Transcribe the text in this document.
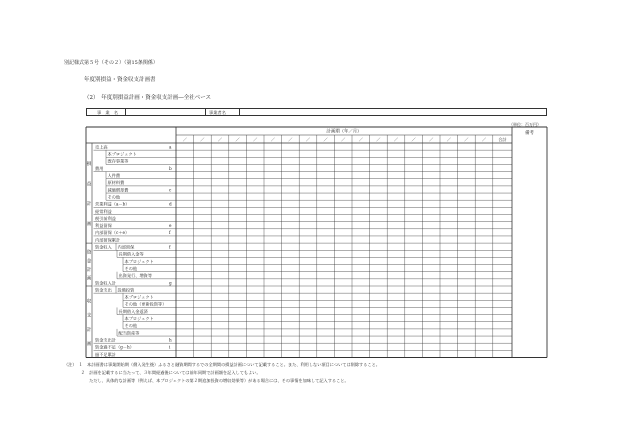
別記様式第５号（その２）（第15条関係）
年度別損益・資金収支計画書
（2）　年度別損益計画・資金収支計画―全社ベース
事　業　名	事業者名
（単位：百万円）
計画期（年／月）	備考
／	／	／	／	／	／	／	／	／	／	／	／	／	／	／	／	／	／	合計
売上高	a
本プロジェクト
既存事業等
費用	b
人件費
原材料費
減価償却費	c
その他
営業利益（a－b）	d
経常利益
税引前利益
利益留保	e
内部留保（c＋e）	f
内部留保累計
資金収入 内部留保	f
長期借入金等
本プロジェクト
その他
出資発行、増資等
資金収入計	g
資金支出 設備投資
本プロジェクト
その他（更新投資等）
長期借入金返済
本プロジェクト
その他
配当資産等
資金支出計	h
資金過不足（g－h）	i
過不足累計
損
益
計
画
資
金
計
画
収
支
計
画
（注）　１　本計画書は事業開始期（償入発生後）ふるさと融資期間するでの全期間の損益計画について記載すること。また、利用しない項目については削除すること。
　　　　２　計画を記載するに当たって、３年間経過後については前年同期で計画額を記入してもよい。
　　　　　　ただし、具体的な計画等（例えば、本プロジェクトの第２期追加投資の増収効果等）がある場合には、その事情を加味して記入すること。
